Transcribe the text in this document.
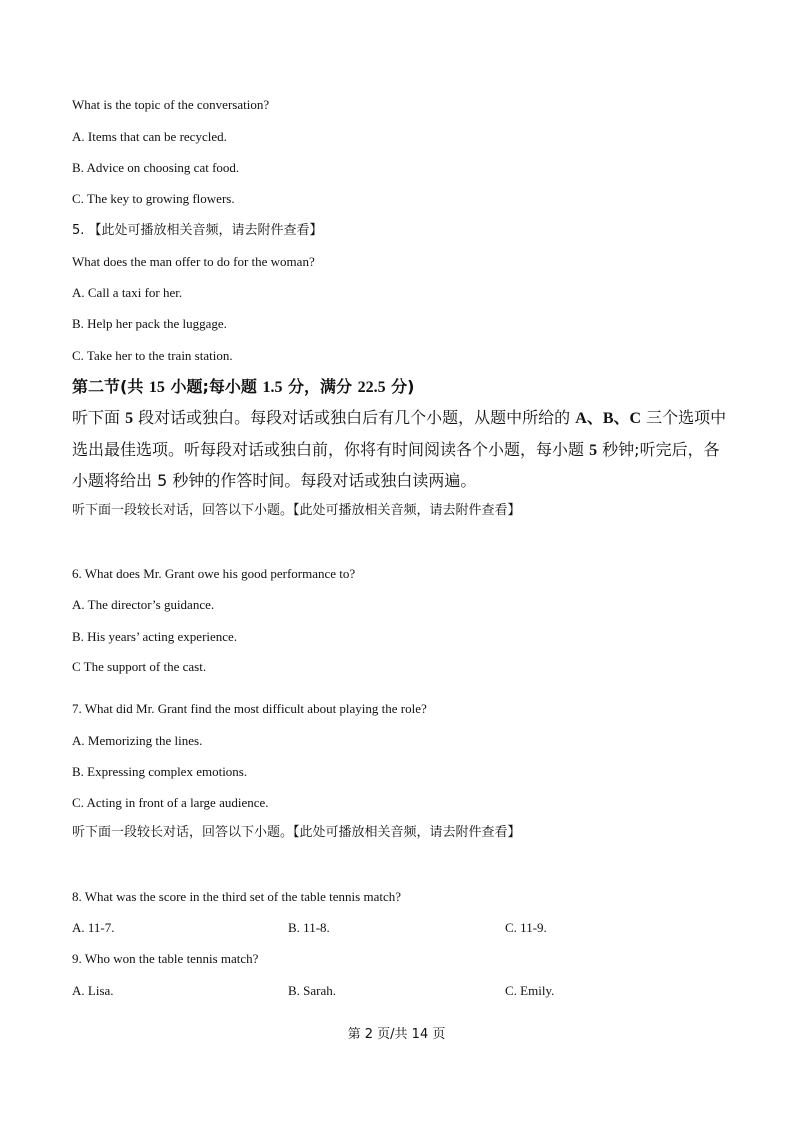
What is the topic of the conversation?
A. Items that can be recycled.
B. Advice on choosing cat food.
C. The key to growing flowers.
5. 【此处可播放相关音频，请去附件查看】
What does the man offer to do for the woman?
A. Call a taxi for her.
B. Help her pack the luggage.
C. Take her to the train station.
第二节(共 15 小题;每小题 1.5 分，满分 22.5 分)
听下面 5 段对话或独白。每段对话或独白后有几个小题，从题中所给的 A、B、C 三个选项中
选出最佳选项。听每段对话或独白前，你将有时间阅读各个小题，每小题 5 秒钟;听完后，各
小题将给出 5 秒钟的作答时间。每段对话或独白读两遍。
听下面一段较长对话，回答以下小题。【此处可播放相关音频，请去附件查看】
6. What does Mr. Grant owe his good performance to?
A. The director’s guidance.
B. His years’ acting experience.
C The support of the cast.
7. What did Mr. Grant find the most difficult about playing the role?
A. Memorizing the lines.
B. Expressing complex emotions.
C. Acting in front of a large audience.
听下面一段较长对话，回答以下小题。【此处可播放相关音频，请去附件查看】
8. What was the score in the third set of the table tennis match?
A. 11-7.	B. 11-8.	C. 11-9.
9. Who won the table tennis match?
A. Lisa.	B. Sarah.	C. Emily.
第 2 页/共 14 页
